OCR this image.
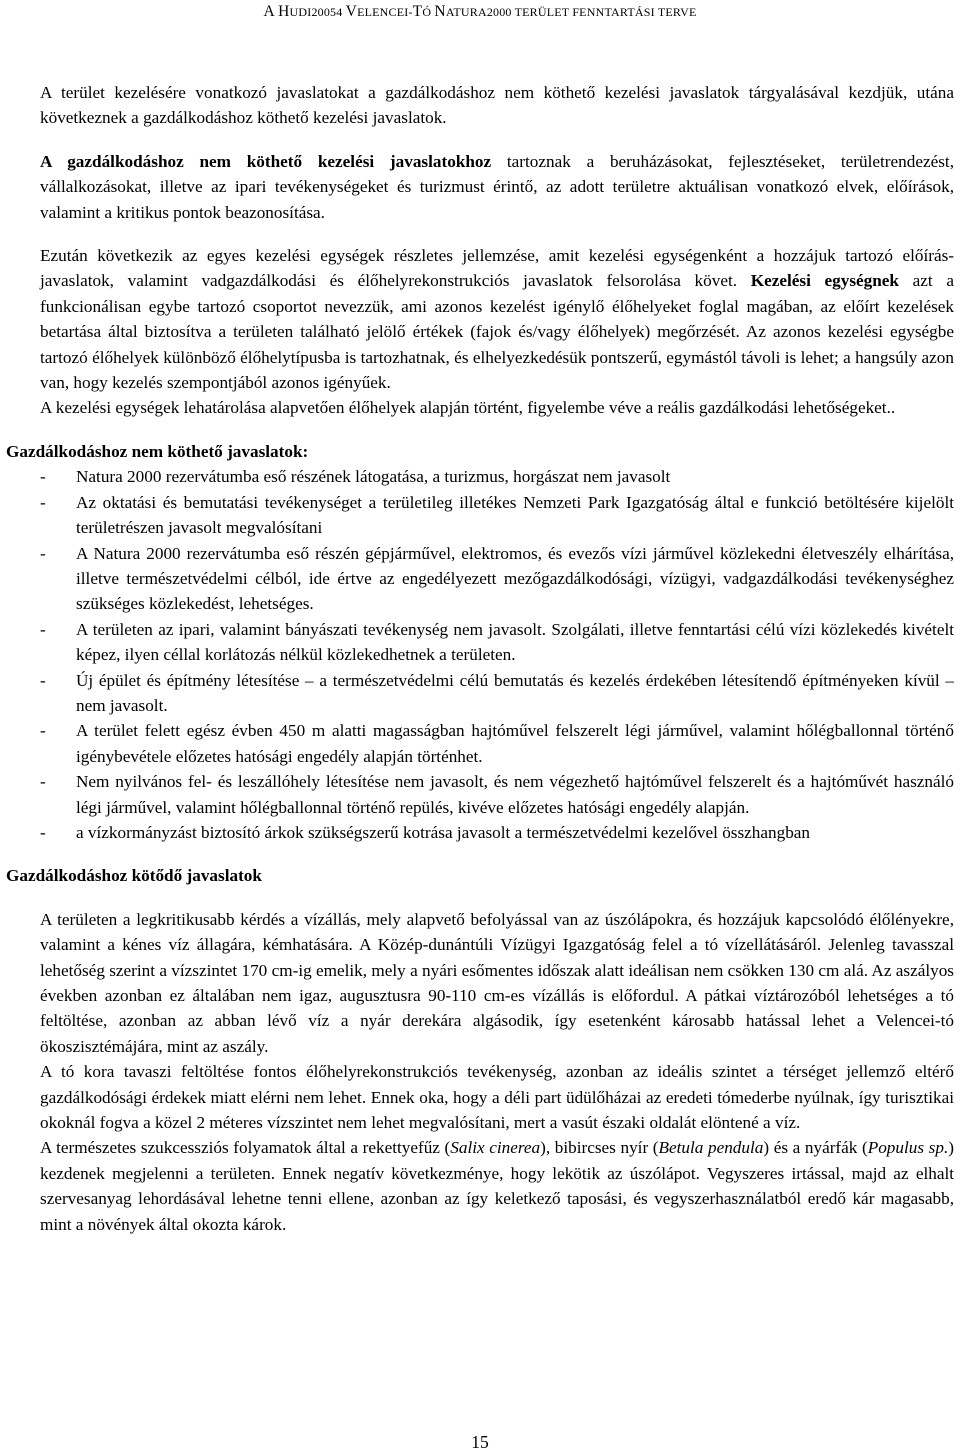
A HUDI20054 VELENCEI-TÓ NATURA2000 TERÜLET FENNTARTÁSI TERVE

A terület kezelésére vonatkozó javaslatokat a gazdálkodáshoz nem köthető kezelési javaslatok tárgyalásával kezdjük, utána következnek a gazdálkodáshoz köthető kezelési javaslatok.

A gazdálkodáshoz nem köthető kezelési javaslatokhoz tartoznak a beruházásokat, fejlesztéseket, területrendezést, vállalkozásokat, illetve az ipari tevékenységeket és turizmust érintő, az adott területre aktuálisan vonatkozó elvek, előírások, valamint a kritikus pontok beazonosítása.

Ezután következik az egyes kezelési egységek részletes jellemzése, amit kezelési egységenként a hozzájuk tartozó előírás-javaslatok, valamint vadgazdálkodási és élőhelyrekonstrukciós javaslatok felsorolása követ. Kezelési egységnek azt a funkcionálisan egybe tartozó csoportot nevezzük, ami azonos kezelést igénylő élőhelyeket foglal magában, az előírt kezelések betartása által biztosítva a területen található jelölő értékek (fajok és/vagy élőhelyek) megőrzését. Az azonos kezelési egységbe tartozó élőhelyek különböző élőhelytípusba is tartozhatnak, és elhelyezkedésük pontszerű, egymástól távoli is lehet; a hangsúly azon van, hogy kezelés szempontjából azonos igényűek.

A kezelési egységek lehatárolása alapvetően élőhelyek alapján történt, figyelembe véve a reális gazdálkodási lehetőségeket..

Gazdálkodáshoz nem köthető javaslatok:

- Natura 2000 rezervátumba eső részének látogatása, a turizmus, horgászat nem javasolt
- Az oktatási és bemutatási tevékenységet a területileg illetékes Nemzeti Park Igazgatóság által e funkció betöltésére kijelölt területrészen javasolt megvalósítani
- A Natura 2000 rezervátumba eső részén gépjárművel, elektromos, és evezős vízi járművel közlekedni életveszély elhárítása, illetve természetvédelmi célból, ide értve az engedélyezett mezőgazdálkodósági, vízügyi, vadgazdálkodási tevékenységhez szükséges közlekedést, lehetséges.
- A területen az ipari, valamint bányászati tevékenység nem javasolt. Szolgálati, illetve fenntartási célú vízi közlekedés kivételt képez, ilyen céllal korlátozás nélkül közlekedhetnek a területen.
- Új épület és építmény létesítése – a természetvédelmi célú bemutatás és kezelés érdekében létesítendő építményeken kívül – nem javasolt.
- A terület felett egész évben 450 m alatti magasságban hajtóművel felszerelt légi járművel, valamint hőlégballonnal történő igénybevétele előzetes hatósági engedély alapján történhet.
- Nem nyilvános fel- és leszállóhely létesítése nem javasolt, és nem végezhető hajtóművel felszerelt és a hajtóművét használó légi járművel, valamint hőlégballonnal történő repülés, kivéve előzetes hatósági engedély alapján.
- a vízkormányzást biztosító árkok szükségszerű kotrása javasolt a természetvédelmi kezelővel összhangban

Gazdálkodáshoz kötődő javaslatok

A területen a legkritikusabb kérdés a vízállás, mely alapvető befolyással van az úszólápokra, és hozzájuk kapcsolódó élőlényekre, valamint a kénes víz állagára, kémhatására. A Közép-dunántúli Vízügyi Igazgatóság felel a tó vízellátásáról. Jelenleg tavasszal lehetőség szerint a vízszintet 170 cm-ig emelik, mely a nyári esőmentes időszak alatt ideálisan nem csökken 130 cm alá. Az aszályos években azonban ez általában nem igaz, augusztusra 90-110 cm-es vízállás is előfordul. A pátkai víztározóból lehetséges a tó feltöltése, azonban az abban lévő víz a nyár derekára algásodik, így esetenként károsabb hatással lehet a Velencei-tó ökoszisztémájára, mint az aszály.

A tó kora tavaszi feltöltése fontos élőhelyrekonstrukciós tevékenység, azonban az ideális szintet a térséget jellemző eltérő gazdálkodósági érdekek miatt elérni nem lehet. Ennek oka, hogy a déli part üdülőházai az eredeti tómederbe nyúlnak, így turisztikai okoknál fogva a közel 2 méteres vízszintet nem lehet megvalósítani, mert a vasút északi oldalát elöntené a víz.

A természetes szukcessziós folyamatok által a rekettyefűz (Salix cinerea), bibircses nyír (Betula pendula) és a nyárfák (Populus sp.) kezdenek megjelenni a területen. Ennek negatív következménye, hogy lekötik az úszólápot. Vegyszeres irtással, majd az elhalt szervesanyag lehordásával lehetne tenni ellene, azonban az így keletkező taposási, és vegyszerhasználatból eredő kár magasabb, mint a növények által okozta károk.

15
